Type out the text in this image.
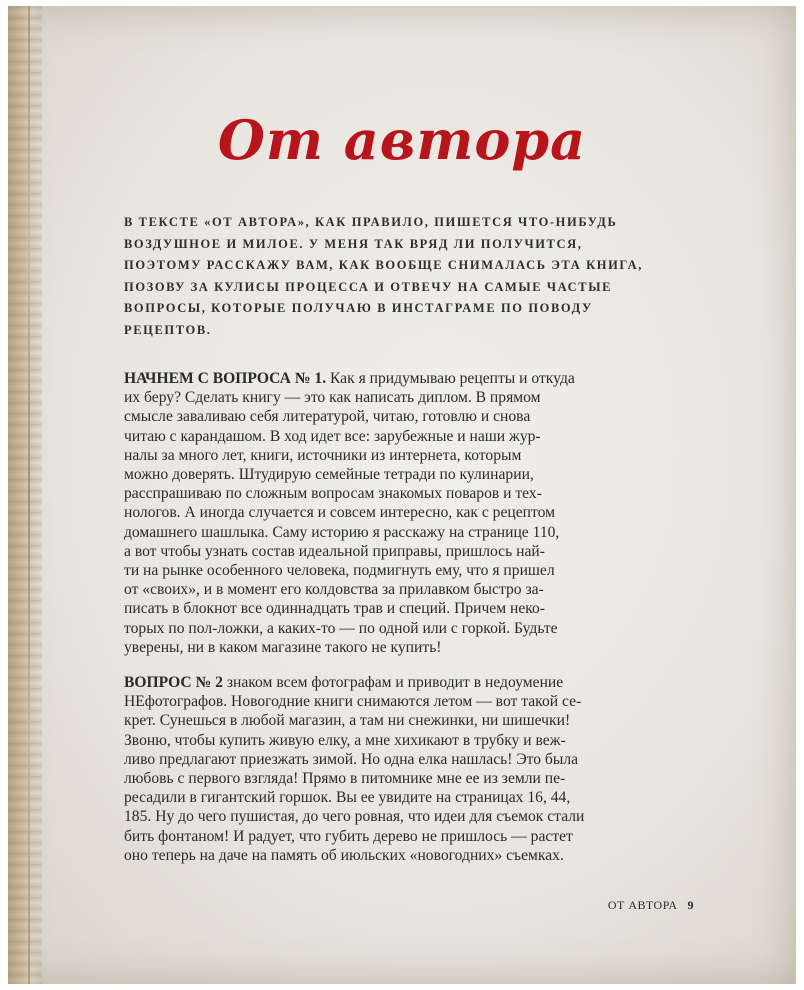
От автора
В ТЕКСТЕ «ОТ АВТОРА», КАК ПРАВИЛО, ПИШЕТСЯ ЧТО-НИБУДЬ
ВОЗДУШНОЕ И МИЛОЕ. У МЕНЯ ТАК ВРЯД ЛИ ПОЛУЧИТСЯ,
ПОЭТОМУ РАССКАЖУ ВАМ, КАК ВООБЩЕ СНИМАЛАСЬ ЭТА КНИГА,
ПОЗОВУ ЗА КУЛИСЫ ПРОЦЕССА И ОТВЕЧУ НА САМЫЕ ЧАСТЫЕ
ВОПРОСЫ, КОТОРЫЕ ПОЛУЧАЮ В ИНСТАГРАМЕ ПО ПОВОДУ
РЕЦЕПТОВ.
НАЧНЕМ С ВОПРОСА № 1. Как я придумываю рецепты и откуда
их беру? Сделать книгу — это как написать диплом. В прямом
смысле заваливаю себя литературой, читаю, готовлю и снова
читаю с карандашом. В ход идет все: зарубежные и наши жур-
налы за много лет, книги, источники из интернета, которым
можно доверять. Штудирую семейные тетради по кулинарии,
расспрашиваю по сложным вопросам знакомых поваров и тех-
нологов. А иногда случается и совсем интересно, как с рецептом
домашнего шашлыка. Саму историю я расскажу на странице 110,
а вот чтобы узнать состав идеальной приправы, пришлось най-
ти на рынке особенного человека, подмигнуть ему, что я пришел
от «своих», и в момент его колдовства за прилавком быстро за-
писать в блокнот все одиннадцать трав и специй. Причем неко-
торых по пол-ложки, а каких-то — по одной или с горкой. Будьте
уверены, ни в каком магазине такого не купить!
ВОПРОС № 2 знаком всем фотографам и приводит в недоумение
НЕфотографов. Новогодние книги снимаются летом — вот такой се-
крет. Сунешься в любой магазин, а там ни снежинки, ни шишечки!
Звоню, чтобы купить живую елку, а мне хихикают в трубку и веж-
ливо предлагают приезжать зимой. Но одна елка нашлась! Это была
любовь с первого взгляда! Прямо в питомнике мне ее из земли пе-
ресадили в гигантский горшок. Вы ее увидите на страницах 16, 44,
185. Ну до чего пушистая, до чего ровная, что идеи для съемок стали
бить фонтаном! И радует, что губить дерево не пришлось — растет
оно теперь на даче на память об июльских «новогодних» съемках.
ОТ АВТОРА 9
